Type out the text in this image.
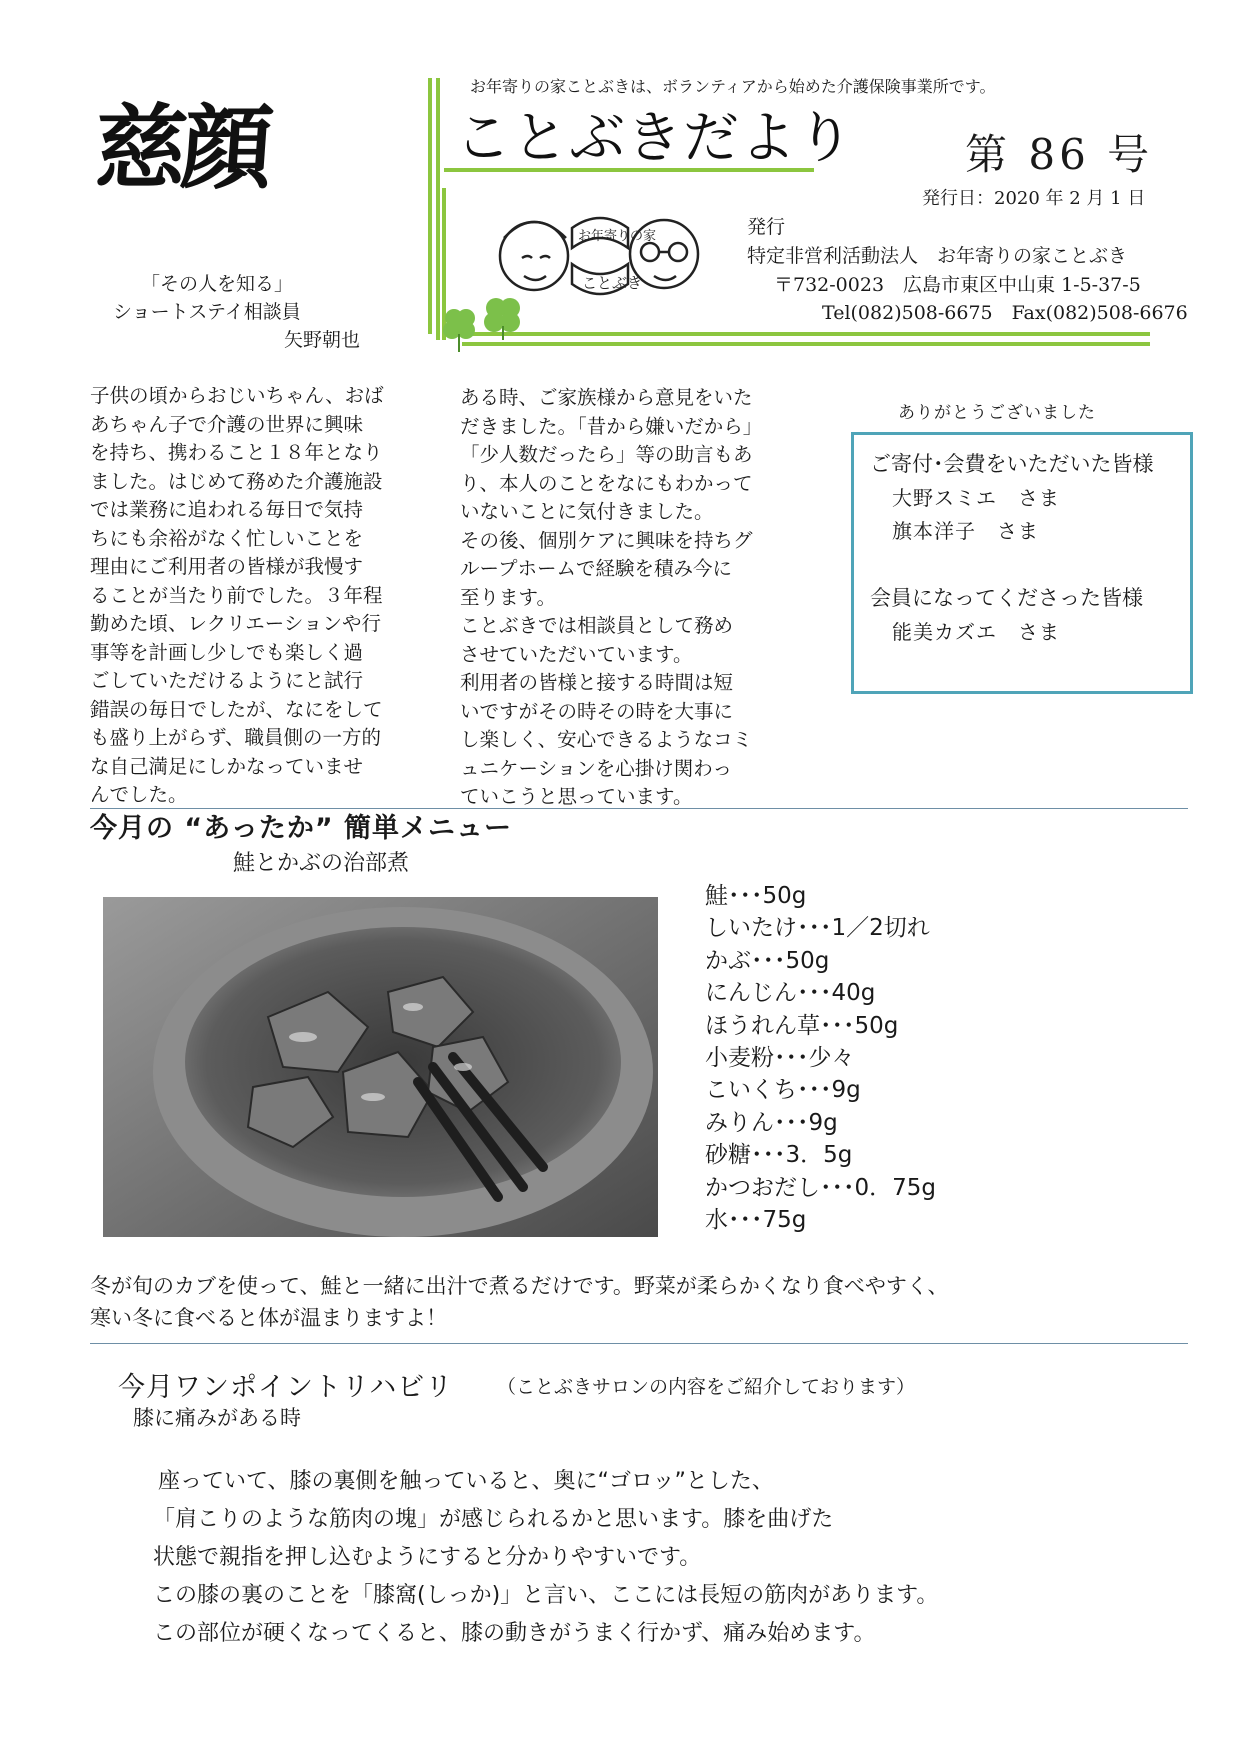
慈顔
お年寄りの家ことぶきは、ボランティアから始めた介護保険事業所です。
ことぶきだより	第 86 号
発行日：2020 年 2 月 1 日
お年寄りの家
ことぶき
発行
特定非営利活動法人　お年寄りの家ことぶき
〒732-0023　広島市東区中山東 1-5-37-5
Tel(082)508-6675　Fax(082)508-6676
「その人を知る」
ショートステイ相談員
矢野朝也
子供の頃からおじいちゃん、おば
あちゃん子で介護の世界に興味
を持ち、携わること１８年となり
ました。はじめて務めた介護施設
では業務に追われる毎日で気持
ちにも余裕がなく忙しいことを
理由にご利用者の皆様が我慢す
ることが当たり前でした。３年程
勤めた頃、レクリエーションや行
事等を計画し少しでも楽しく過
ごしていただけるようにと試行
錯誤の毎日でしたが、なにをして
も盛り上がらず、職員側の一方的
な自己満足にしかなっていませ
んでした。
ある時、ご家族様から意見をいた
だきました。「昔から嫌いだから」
「少人数だったら」等の助言もあ
り、本人のことをなにもわかって
いないことに気付きました。
その後、個別ケアに興味を持ちグ
ループホームで経験を積み今に
至ります。
ことぶきでは相談員として務め
させていただいています。
利用者の皆様と接する時間は短
いですがその時その時を大事に
し楽しく、安心できるようなコミ
ュニケーションを心掛け関わっ
ていこうと思っています。
ありがとうございました
ご寄付･会費をいただいた皆様
大野スミエ　さま
旗本洋子　さま
会員になってくださった皆様
能美カズエ　さま
今月の “あったか” 簡単メニュー
鮭とかぶの治部煮
鮭･･･50g
しいたけ･･･1／2切れ
かぶ･･･50g
にんじん･･･40g
ほうれん草･･･50g
小麦粉･･･少々
こいくち･･･9g
みりん･･･9g
砂糖･･･3．5g
かつおだし･･･0．75g
水･･･75g
冬が旬のカブを使って、鮭と一緒に出汁で煮るだけです。野菜が柔らかくなり食べやすく、
寒い冬に食べると体が温まりますよ！
今月ワンポイントリハビリ （ことぶきサロンの内容をご紹介しております）
膝に痛みがある時
座っていて、膝の裏側を触っていると、奥に“ゴロッ”とした、
「肩こりのような筋肉の塊」が感じられるかと思います。膝を曲げた
状態で親指を押し込むようにすると分かりやすいです。
この膝の裏のことを「膝窩(しっか)」と言い、ここには長短の筋肉があります。
この部位が硬くなってくると、膝の動きがうまく行かず、痛み始めます。
